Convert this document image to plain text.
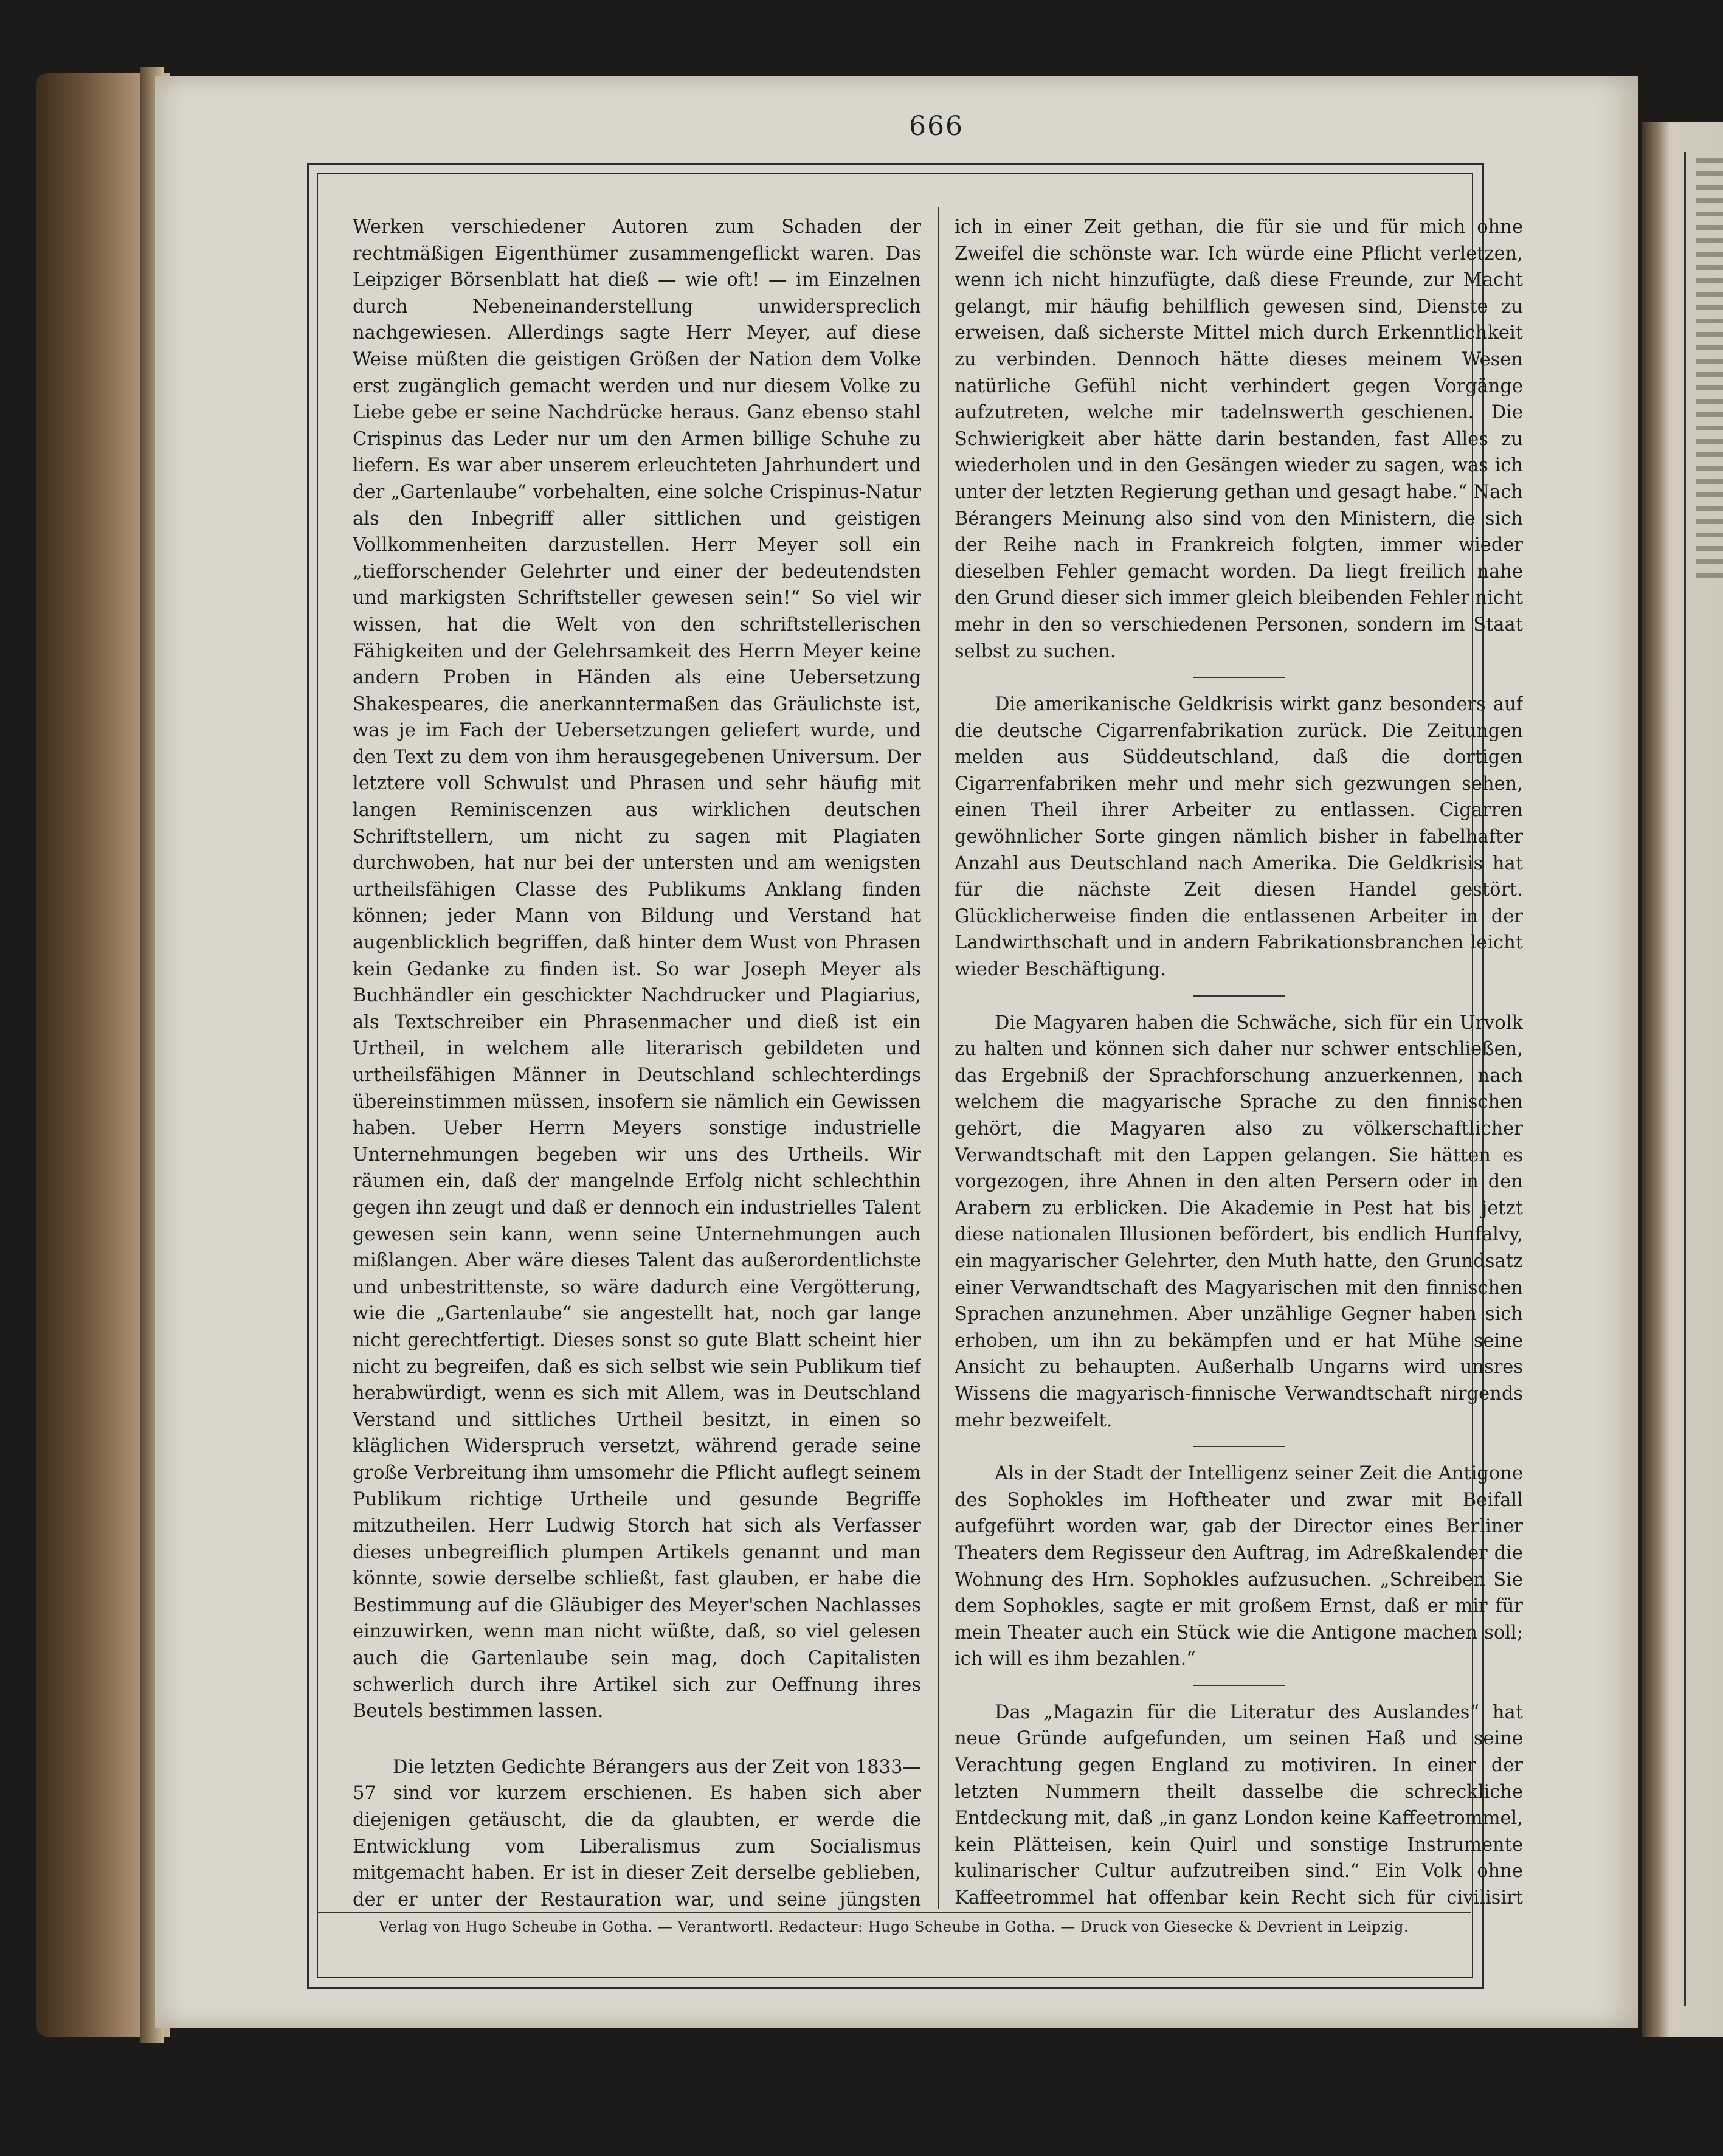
666

Werken verschiedener Autoren zum Schaden der rechtmäßigen Eigenthümer zusammengeflickt waren. Das Leipziger Börsenblatt hat dieß — wie oft! — im Einzelnen durch Nebeneinanderstellung unwiderspreclich nachgewiesen. Allerdings sagte Herr Meyer, auf diese Weise müßten die geistigen Größen der Nation dem Volke erst zugänglich gemacht werden und nur diesem Volke zu Liebe gebe er seine Nachdrücke heraus. Ganz ebenso stahl Crispinus das Leder nur um den Armen billige Schuhe zu liefern. Es war aber unserem erleuchteten Jahrhundert und der „Gartenlaube“ vorbehalten, eine solche Crispinus-Natur als den Inbegriff aller sittlichen und geistigen Vollkommenheiten darzustellen. Herr Meyer soll ein „tiefforschender Gelehrter und einer der bedeutendsten und markigsten Schriftsteller gewesen sein!“ So viel wir wissen, hat die Welt von den schriftstellerischen Fähigkeiten und der Gelehrsamkeit des Herrn Meyer keine andern Proben in Händen als eine Uebersetzung Shakespeares, die anerkanntermaßen das Gräulichste ist, was je im Fach der Uebersetzungen geliefert wurde, und den Text zu dem von ihm herausgegebenen Universum. Der letztere voll Schwulst und Phrasen und sehr häufig mit langen Reminiscenzen aus wirklichen deutschen Schriftstellern, um nicht zu sagen mit Plagiaten durchwoben, hat nur bei der untersten und am wenigsten urtheilsfähigen Classe des Publikums Anklang finden können; jeder Mann von Bildung und Verstand hat augenblicklich begriffen, daß hinter dem Wust von Phrasen kein Gedanke zu finden ist. So war Joseph Meyer als Buchhändler ein geschickter Nachdrucker und Plagiarius, als Textschreiber ein Phrasenmacher und dieß ist ein Urtheil, in welchem alle literarisch gebildeten und urtheilsfähigen Männer in Deutschland schlechterdings übereinstimmen müssen, insofern sie nämlich ein Gewissen haben. Ueber Herrn Meyers sonstige industrielle Unternehmungen begeben wir uns des Urtheils. Wir räumen ein, daß der mangelnde Erfolg nicht schlechthin gegen ihn zeugt und daß er dennoch ein industrielles Talent gewesen sein kann, wenn seine Unternehmungen auch mißlangen. Aber wäre dieses Talent das außerordentlichste und unbestrittenste, so wäre dadurch eine Vergötterung, wie die „Gartenlaube“ sie angestellt hat, noch gar lange nicht gerechtfertigt. Dieses sonst so gute Blatt scheint hier nicht zu begreifen, daß es sich selbst wie sein Publikum tief herabwürdigt, wenn es sich mit Allem, was in Deutschland Verstand und sittliches Urtheil besitzt, in einen so kläglichen Widerspruch versetzt, während gerade seine große Verbreitung ihm umsomehr die Pflicht auflegt seinem Publikum richtige Urtheile und gesunde Begriffe mitzutheilen. Herr Ludwig Storch hat sich als Verfasser dieses unbegreiflich plumpen Artikels genannt und man könnte, sowie derselbe schließt, fast glauben, er habe die Bestimmung auf die Gläubiger des Meyer'schen Nachlasses einzuwirken, wenn man nicht wüßte, daß, so viel gelesen auch die Gartenlaube sein mag, doch Capitalisten schwerlich durch ihre Artikel sich zur Oeffnung ihres Beutels bestimmen lassen.

Die letzten Gedichte Bérangers aus der Zeit von 1833—57 sind vor kurzem erschienen. Es haben sich aber diejenigen getäuscht, die da glaubten, er werde die Entwicklung vom Liberalismus zum Socialismus mitgemacht haben. Er ist in dieser Zeit derselbe geblieben, der er unter der Restauration war, und seine jüngsten

ich in einer Zeit gethan, die für sie und für mich ohne Zweifel die schönste war. Ich würde eine Pflicht verletzen, wenn ich nicht hinzufügte, daß diese Freunde, zur Macht gelangt, mir häufig behilflich gewesen sind, Dienste zu erweisen, daß sicherste Mittel mich durch Erkenntlichkeit zu verbinden. Dennoch hätte dieses meinem Wesen natürliche Gefühl nicht verhindert gegen Vorgänge aufzutreten, welche mir tadelnswerth geschienen. Die Schwierigkeit aber hätte darin bestanden, fast Alles zu wiederholen und in den Gesängen wieder zu sagen, was ich unter der letzten Regierung gethan und gesagt habe.“ Nach Bérangers Meinung also sind von den Ministern, die sich der Reihe nach in Frankreich folgten, immer wieder dieselben Fehler gemacht worden. Da liegt freilich nahe den Grund dieser sich immer gleich bleibenden Fehler nicht mehr in den so verschiedenen Personen, sondern im Staat selbst zu suchen.

Die amerikanische Geldkrisis wirkt ganz besonders auf die deutsche Cigarrenfabrikation zurück. Die Zeitungen melden aus Süddeutschland, daß die dortigen Cigarrenfabriken mehr und mehr sich gezwungen sehen, einen Theil ihrer Arbeiter zu entlassen. Cigarren gewöhnlicher Sorte gingen nämlich bisher in fabelhafter Anzahl aus Deutschland nach Amerika. Die Geldkrisis hat für die nächste Zeit diesen Handel gestört. Glücklicherweise finden die entlassenen Arbeiter in der Landwirthschaft und in andern Fabrikationsbranchen leicht wieder Beschäftigung.

Die Magyaren haben die Schwäche, sich für ein Urvolk zu halten und können sich daher nur schwer entschließen, das Ergebniß der Sprachforschung anzuerkennen, nach welchem die magyarische Sprache zu den finnischen gehört, die Magyaren also zu völkerschaftlicher Verwandtschaft mit den Lappen gelangen. Sie hätten es vorgezogen, ihre Ahnen in den alten Persern oder in den Arabern zu erblicken. Die Akademie in Pest hat bis jetzt diese nationalen Illusionen befördert, bis endlich Hunfalvy, ein magyarischer Gelehrter, den Muth hatte, den Grundsatz einer Verwandtschaft des Magyarischen mit den finnischen Sprachen anzunehmen. Aber unzählige Gegner haben sich erhoben, um ihn zu bekämpfen und er hat Mühe seine Ansicht zu behaupten. Außerhalb Ungarns wird unsres Wissens die magyarisch-finnische Verwandtschaft nirgends mehr bezweifelt.

Als in der Stadt der Intelligenz seiner Zeit die Antigone des Sophokles im Hoftheater und zwar mit Beifall aufgeführt worden war, gab der Director eines Berliner Theaters dem Regisseur den Auftrag, im Adreßkalender die Wohnung des Hrn. Sophokles aufzusuchen. „Schreiben Sie dem Sophokles, sagte er mit großem Ernst, daß er mir für mein Theater auch ein Stück wie die Antigone machen soll; ich will es ihm bezahlen.“

Das „Magazin für die Literatur des Auslandes“ hat neue Gründe aufgefunden, um seinen Haß und seine Verachtung gegen England zu motiviren. In einer der letzten Nummern theilt dasselbe die schreckliche Entdeckung mit, daß „in ganz London keine Kaffeetrommel, kein Plätteisen, kein Quirl und sonstige Instrumente kulinarischer Cultur aufzutreiben sind.“ Ein Volk ohne Kaffeetrommel hat offenbar kein Recht sich für civilisirt

Verlag von Hugo Scheube in Gotha. — Verantwortl. Redacteur: Hugo Scheube in Gotha. — Druck von Giesecke & Devrient in Leipzig.
